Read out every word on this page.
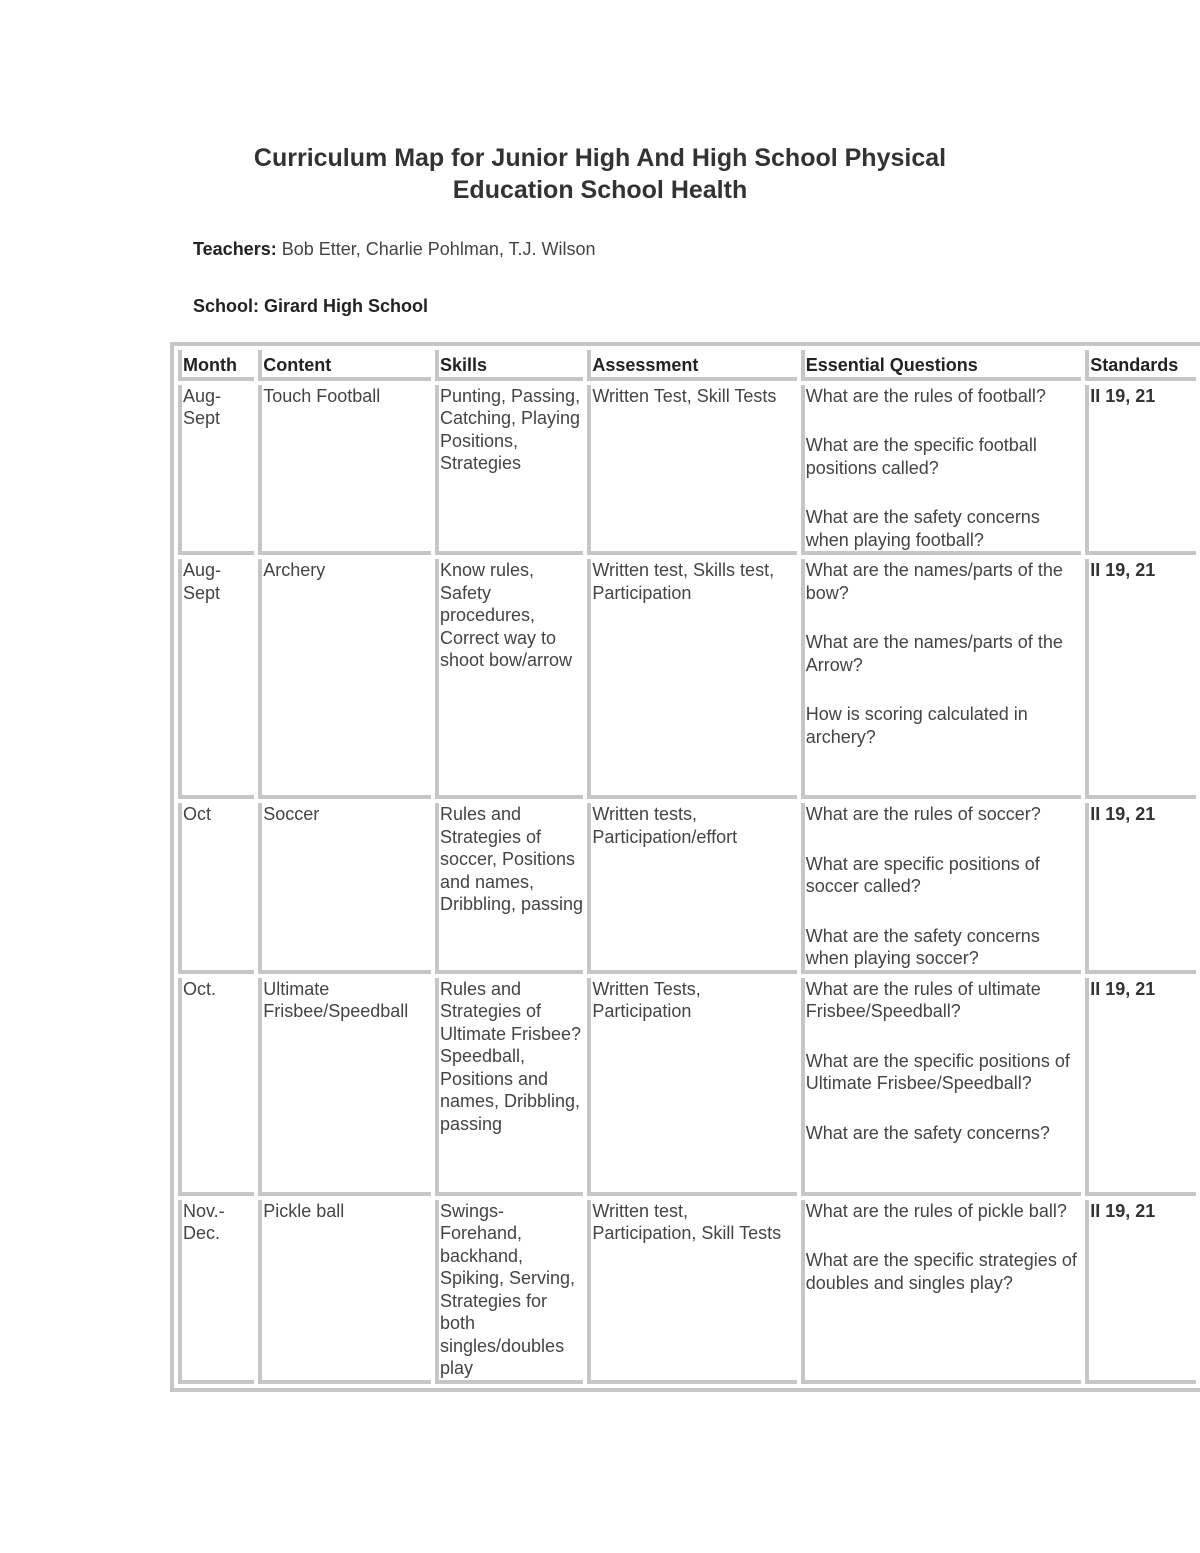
Curriculum Map for Junior High And High School Physical
Education School Health
Teachers: Bob Etter, Charlie Pohlman, T.J. Wilson
School: Girard High School
Month	Content	Skills	Assessment	Essential Questions	Standards
Aug-Sept	Touch Football	Punting, Passing, Catching, Playing Positions, Strategies	Written Test, Skill Tests	What are the rules of football?
What are the specific football positions called?
What are the safety concerns when playing football?	II 19, 21
Aug-Sept	Archery	Know rules, Safety procedures, Correct way to shoot bow/arrow	Written test, Skills test, Participation	What are the names/parts of the bow?
What are the names/parts of the Arrow?
How is scoring calculated in archery?	II 19, 21
Oct	Soccer	Rules and Strategies of soccer, Positions and names, Dribbling, passing	Written tests, Participation/effort	What are the rules of soccer?
What are specific positions of soccer called?
What are the safety concerns when playing soccer?	II 19, 21
Oct.	Ultimate Frisbee/Speedball	Rules and Strategies of Ultimate Frisbee? Speedball, Positions and names, Dribbling, passing	Written Tests, Participation	What are the rules of ultimate Frisbee/Speedball?
What are the specific positions of Ultimate Frisbee/Speedball?
What are the safety concerns?	II 19, 21
Nov.-Dec.	Pickle ball	Swings-Forehand, backhand, Spiking, Serving, Strategies for both singles/doubles play	Written test, Participation, Skill Tests	What are the rules of pickle ball?
What are the specific strategies of doubles and singles play?	II 19, 21
